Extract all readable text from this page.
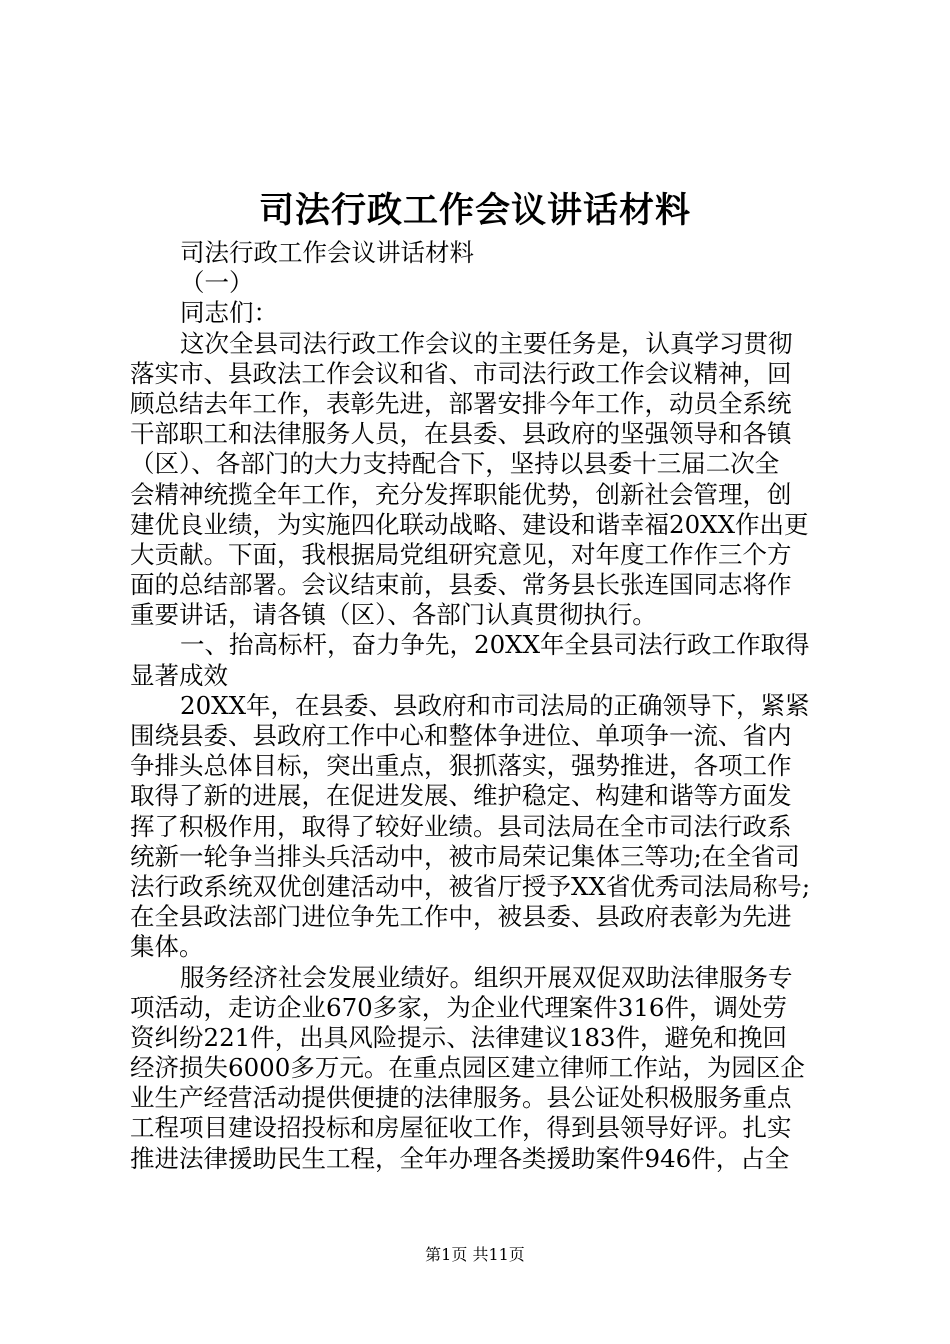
司法行政工作会议讲话材料
司法行政工作会议讲话材料
（一）
同志们：
这次全县司法行政工作会议的主要任务是，认真学习贯彻
落实市、县政法工作会议和省、市司法行政工作会议精神，回
顾总结去年工作，表彰先进，部署安排今年工作，动员全系统
干部职工和法律服务人员，在县委、县政府的坚强领导和各镇
（区）、各部门的大力支持配合下，坚持以县委十三届二次全
会精神统揽全年工作，充分发挥职能优势，创新社会管理，创
建优良业绩，为实施四化联动战略、建设和谐幸福20XX作出更
大贡献。下面，我根据局党组研究意见，对年度工作作三个方
面的总结部署。会议结束前，县委、常务县长张连国同志将作
重要讲话，请各镇（区）、各部门认真贯彻执行。
一、抬高标杆，奋力争先，20XX年全县司法行政工作取得
显著成效
20XX年，在县委、县政府和市司法局的正确领导下，紧紧
围绕县委、县政府工作中心和整体争进位、单项争一流、省内
争排头总体目标，突出重点，狠抓落实，强势推进，各项工作
取得了新的进展，在促进发展、维护稳定、构建和谐等方面发
挥了积极作用，取得了较好业绩。县司法局在全市司法行政系
统新一轮争当排头兵活动中，被市局荣记集体三等功;在全省司
法行政系统双优创建活动中，被省厅授予XX省优秀司法局称号;
在全县政法部门进位争先工作中，被县委、县政府表彰为先进
集体。
服务经济社会发展业绩好。组织开展双促双助法律服务专
项活动，走访企业670多家，为企业代理案件316件，调处劳
资纠纷221件，出具风险提示、法律建议183件，避免和挽回
经济损失6000多万元。在重点园区建立律师工作站，为园区企
业生产经营活动提供便捷的法律服务。县公证处积极服务重点
工程项目建设招投标和房屋征收工作，得到县领导好评。扎实
推进法律援助民生工程，全年办理各类援助案件946件，占全
第1页 共11页
